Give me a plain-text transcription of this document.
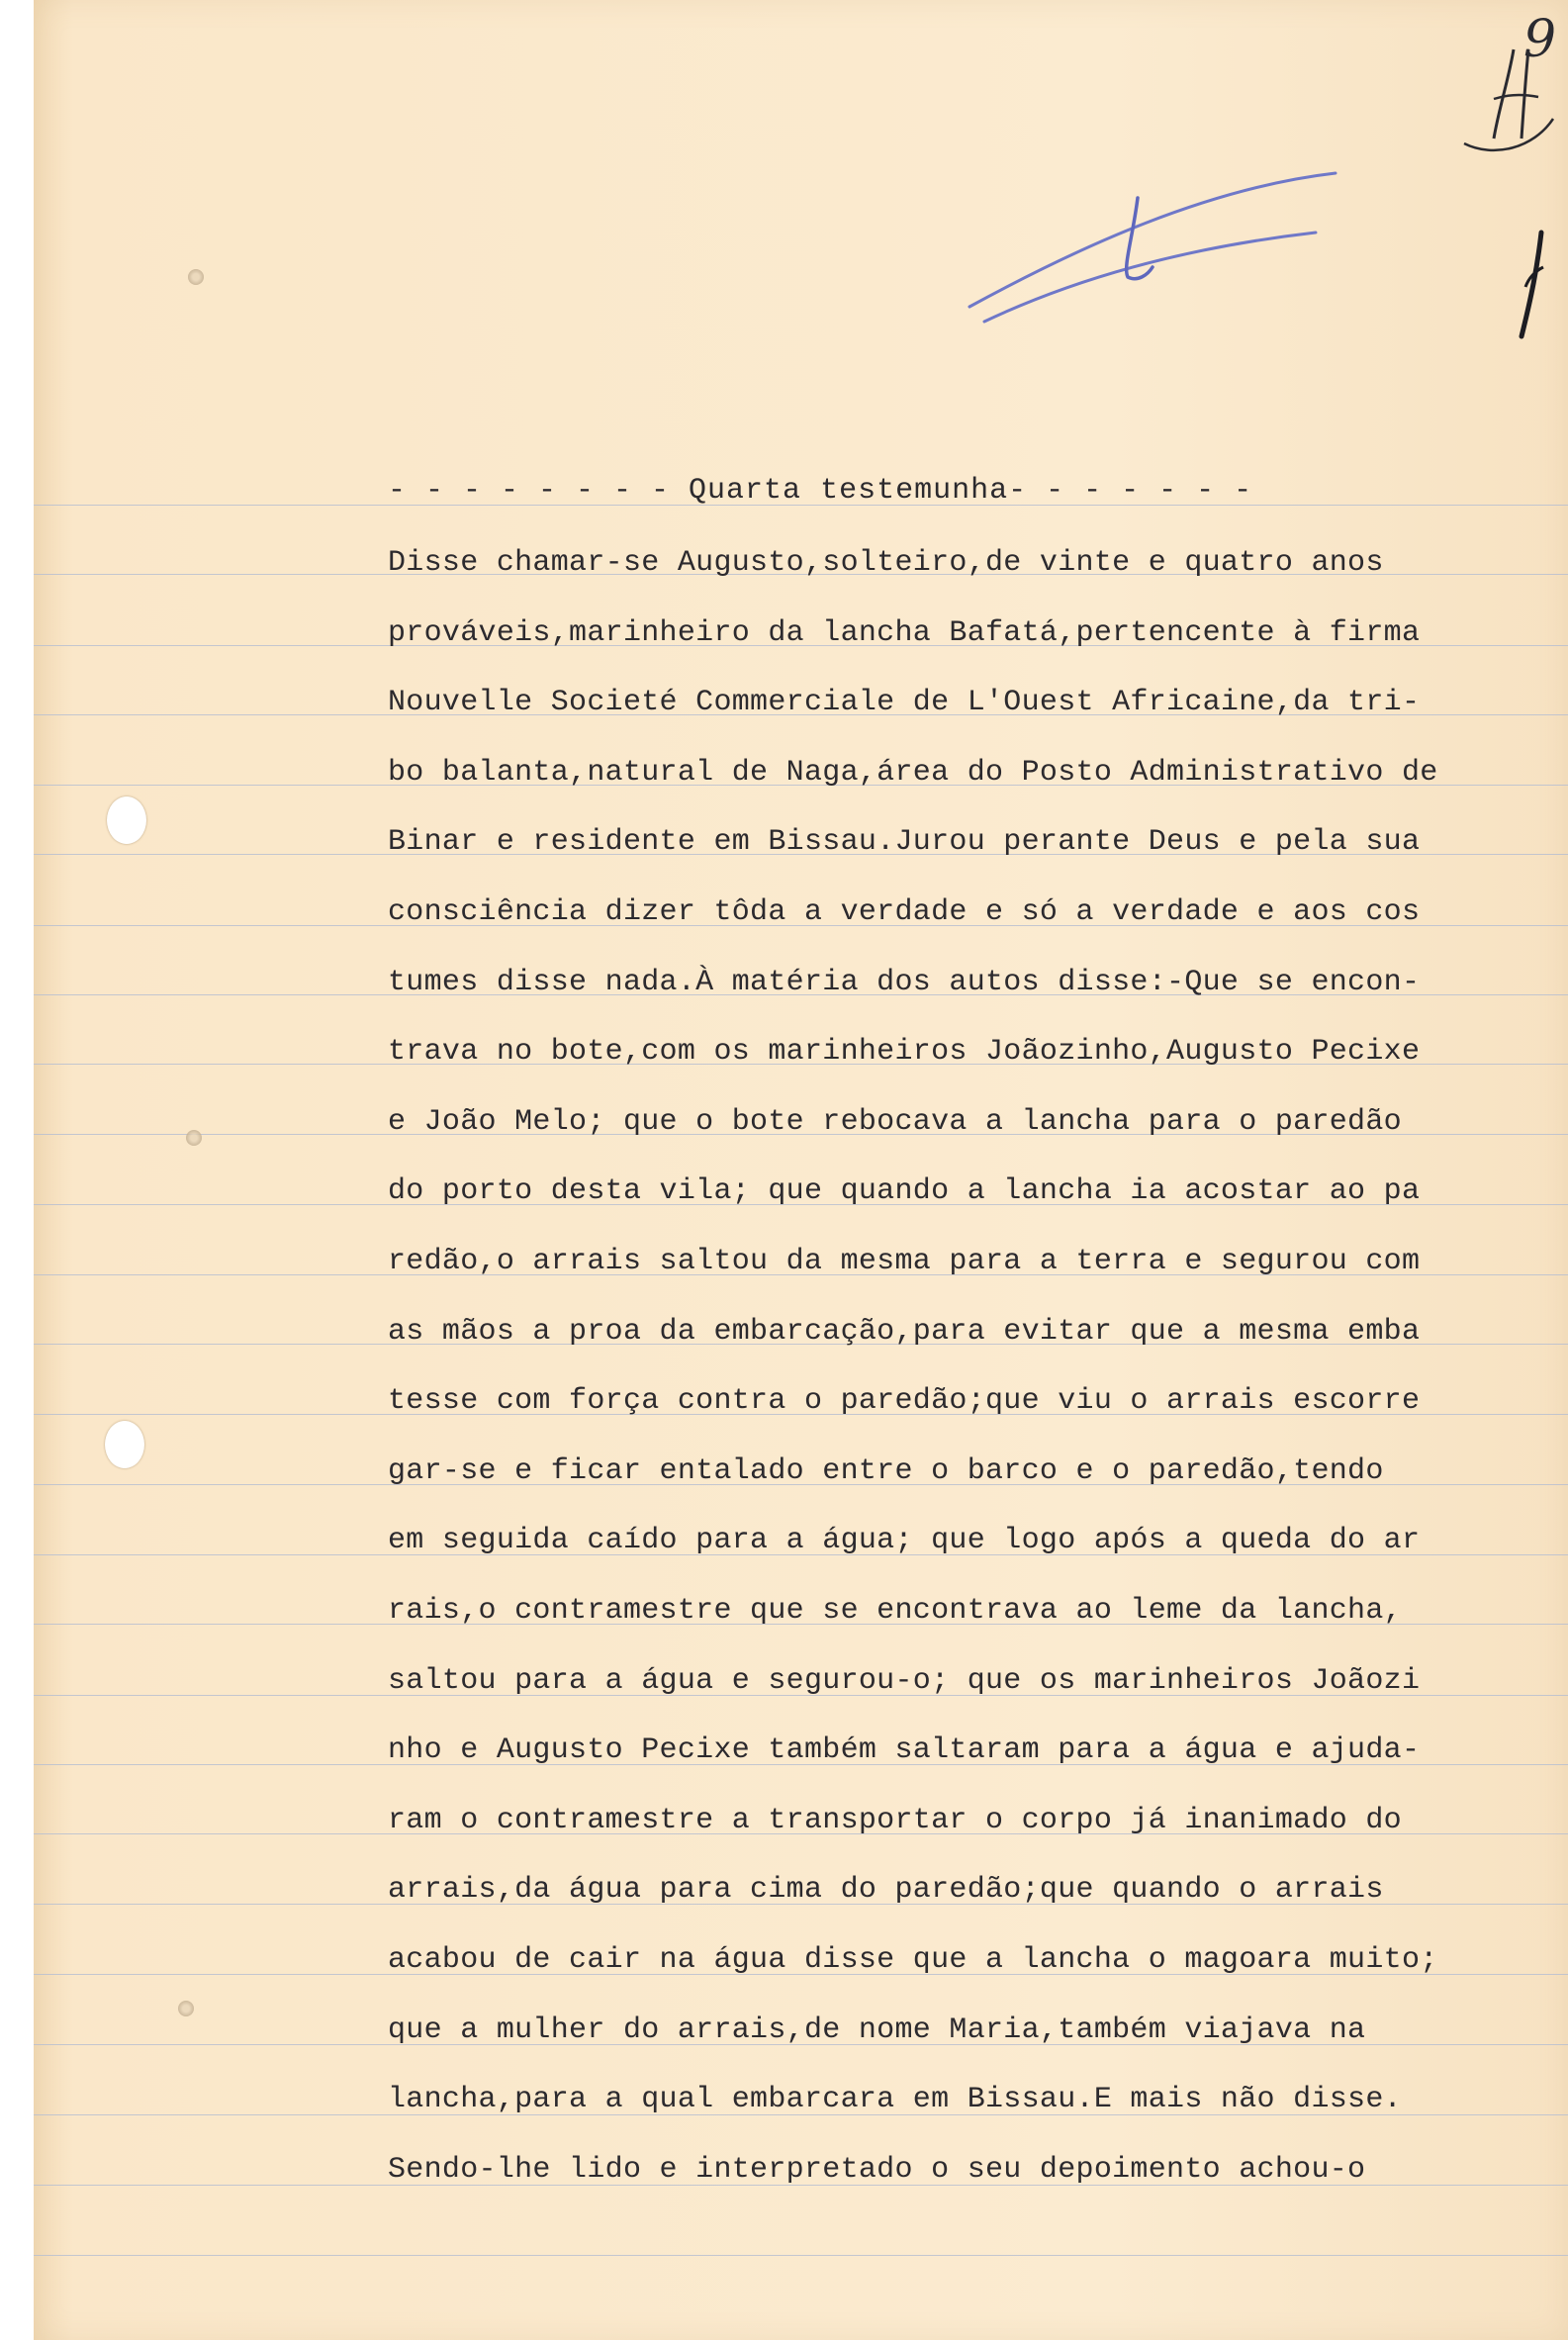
9
- - - - - - - - Quarta testemunha- - - - - - -
Disse chamar-se Augusto,solteiro,de vinte e quatro anos
prováveis,marinheiro da lancha Bafatá,pertencente à firma
Nouvelle Societé Commerciale de L'Ouest Africaine,da tri-
bo balanta,natural de Naga,área do Posto Administrativo de
Binar e residente em Bissau.Jurou perante Deus e pela sua
consciência dizer tôda a verdade e só a verdade e aos cos
tumes disse nada.À matéria dos autos disse:-Que se encon-
trava no bote,com os marinheiros Joãozinho,Augusto Pecixe
e João Melo; que o bote rebocava a lancha para o paredão
do porto desta vila; que quando a lancha ia acostar ao pa
redão,o arrais saltou da mesma para a terra e segurou com
as mãos a proa da embarcação,para evitar que a mesma emba
tesse com força contra o paredão;que viu o arrais escorre
gar-se e ficar entalado entre o barco e o paredão,tendo
em seguida caído para a água; que logo após a queda do ar
rais,o contramestre que se encontrava ao leme da lancha,
saltou para a água e segurou-o; que os marinheiros Joãozi
nho e Augusto Pecixe também saltaram para a água e ajuda-
ram o contramestre a transportar o corpo já inanimado do
arrais,da água para cima do paredão;que quando o arrais
acabou de cair na água disse que a lancha o magoara muito;
que a mulher do arrais,de nome Maria,também viajava na
lancha,para a qual embarcara em Bissau.E mais não disse.
Sendo-lhe lido e interpretado o seu depoimento achou-o
